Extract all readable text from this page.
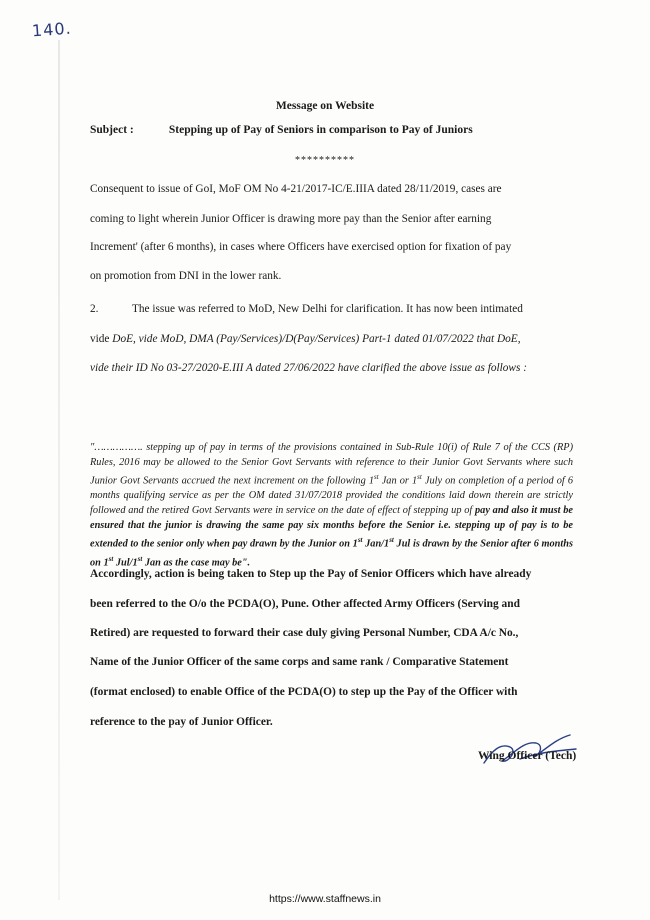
140.
Message on Website
Subject :	Stepping up of Pay of Seniors in comparison to Pay of Juniors
**********
Consequent to issue of GoI, MoF OM No 4-21/2017-IC/E.IIIA dated 28/11/2019, cases are
coming to light wherein Junior Officer is drawing more pay than the Senior after earning
Increment' (after 6 months), in cases where Officers have exercised option for fixation of pay
on promotion from DNI in the lower rank.
2.	The issue was referred to MoD, New Delhi for clarification. It has now been intimated
vide DoE, vide MoD, DMA (Pay/Services)/D(Pay/Services) Part-1 dated 01/07/2022 that DoE,
vide their ID No 03-27/2020-E.III A dated 27/06/2022 have clarified the above issue as follows :
"……………. stepping up of pay in terms of the provisions contained in Sub-Rule 10(i) of Rule 7 of the CCS (RP) Rules, 2016 may be allowed to the Senior Govt Servants with reference to their Junior Govt Servants where such Junior Govt Servants accrued the next increment on the following 1st Jan or 1st July on completion of a period of 6 months qualifying service as per the OM dated 31/07/2018 provided the conditions laid down therein are strictly followed and the retired Govt Servants were in service on the date of effect of stepping up of pay and also it must be ensured that the junior is drawing the same pay six months before the Senior i.e. stepping up of pay is to be extended to the senior only when pay drawn by the Junior on 1st Jan/1st Jul is drawn by the Senior after 6 months on 1st Jul/1st Jan as the case may be".
Accordingly, action is being taken to Step up the Pay of Senior Officers which have already
been referred to the O/o the PCDA(O), Pune. Other affected Army Officers (Serving and
Retired) are requested to forward their case duly giving Personal Number, CDA A/c No.,
Name of the Junior Officer of the same corps and same rank / Comparative Statement
(format enclosed) to enable Office of the PCDA(O) to step up the Pay of the Officer with
reference to the pay of Junior Officer.
Wing Officer (Tech)
https://www.staffnews.in
